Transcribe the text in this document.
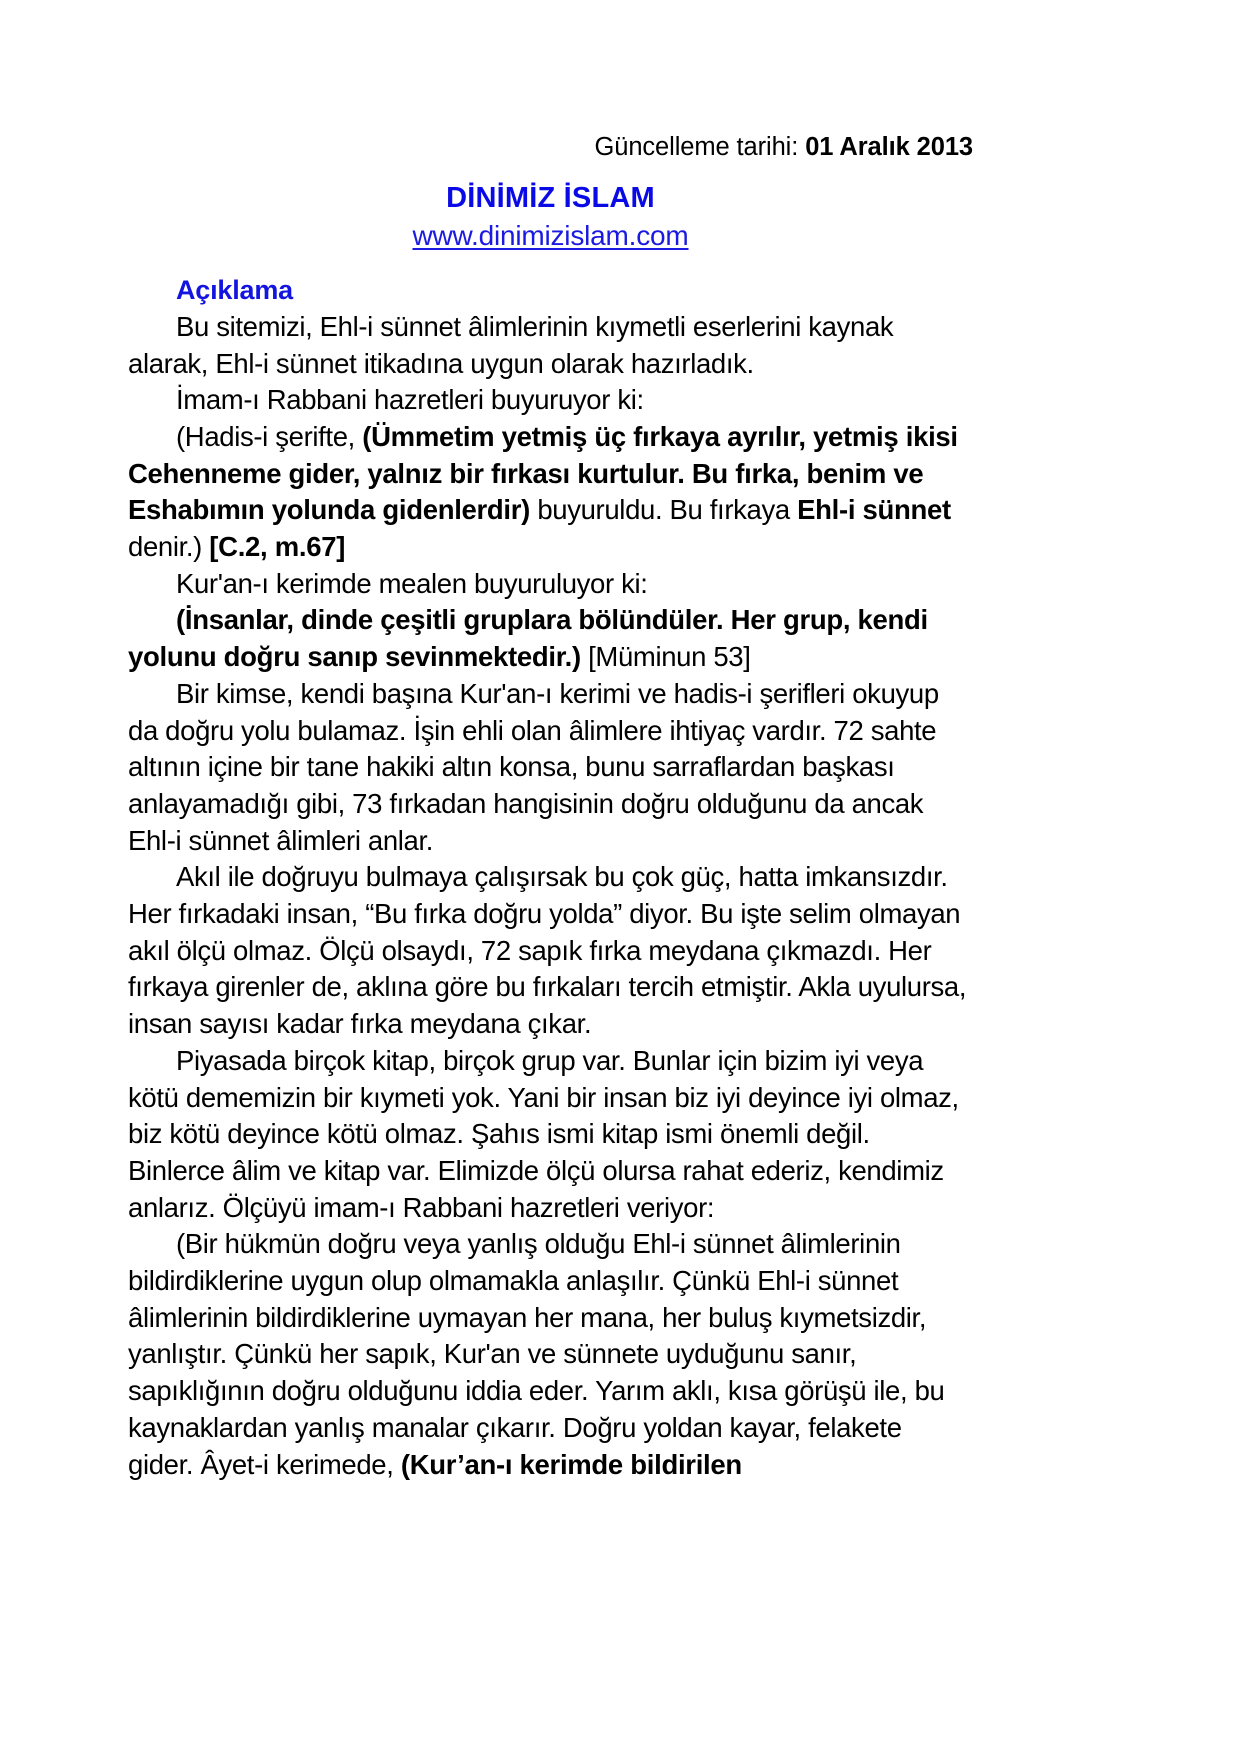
Güncelleme tarihi: 01 Aralık 2013
DİNİMİZ İSLAM
www.dinimizislam.com
Açıklama
Bu sitemizi, Ehl-i sünnet âlimlerinin kıymetli eserlerini kaynak alarak, Ehl-i sünnet itikadına uygun olarak hazırladık.
İmam-ı Rabbani hazretleri buyuruyor ki:
(Hadis-i şerifte, (Ümmetim yetmiş üç fırkaya ayrılır, yetmiş ikisi Cehenneme gider, yalnız bir fırkası kurtulur. Bu fırka, benim ve Eshabımın yolunda gidenlerdir) buyuruldu. Bu fırkaya Ehl-i sünnet denir.) [C.2, m.67]
Kur'an-ı kerimde mealen buyuruluyor ki:
(İnsanlar, dinde çeşitli gruplara bölündüler. Her grup, kendi yolunu doğru sanıp sevinmektedir.) [Müminun 53]
Bir kimse, kendi başına Kur'an-ı kerimi ve hadis-i şerifleri okuyup da doğru yolu bulamaz. İşin ehli olan âlimlere ihtiyaç vardır. 72 sahte altının içine bir tane hakiki altın konsa, bunu sarraflardan başkası anlayamadığı gibi, 73 fırkadan hangisinin doğru olduğunu da ancak Ehl-i sünnet âlimleri anlar.
Akıl ile doğruyu bulmaya çalışırsak bu çok güç, hatta imkansızdır. Her fırkadaki insan, “Bu fırka doğru yolda” diyor. Bu işte selim olmayan akıl ölçü olmaz. Ölçü olsaydı, 72 sapık fırka meydana çıkmazdı. Her fırkaya girenler de, aklına göre bu fırkaları tercih etmiştir. Akla uyulursa, insan sayısı kadar fırka meydana çıkar.
Piyasada birçok kitap, birçok grup var. Bunlar için bizim iyi veya kötü dememizin bir kıymeti yok. Yani bir insan biz iyi deyince iyi olmaz, biz kötü deyince kötü olmaz. Şahıs ismi kitap ismi önemli değil. Binlerce âlim ve kitap var. Elimizde ölçü olursa rahat ederiz, kendimiz anlarız. Ölçüyü imam-ı Rabbani hazretleri veriyor:
(Bir hükmün doğru veya yanlış olduğu Ehl-i sünnet âlimlerinin bildirdiklerine uygun olup olmamakla anlaşılır. Çünkü Ehl-i sünnet âlimlerinin bildirdiklerine uymayan her mana, her buluş kıymetsizdir, yanlıştır. Çünkü her sapık, Kur'an ve sünnete uyduğunu sanır, sapıklığının doğru olduğunu iddia eder. Yarım aklı, kısa görüşü ile, bu kaynaklardan yanlış manalar çıkarır. Doğru yoldan kayar, felakete gider. Âyet-i kerimede, (Kur’an-ı kerimde bildirilen
